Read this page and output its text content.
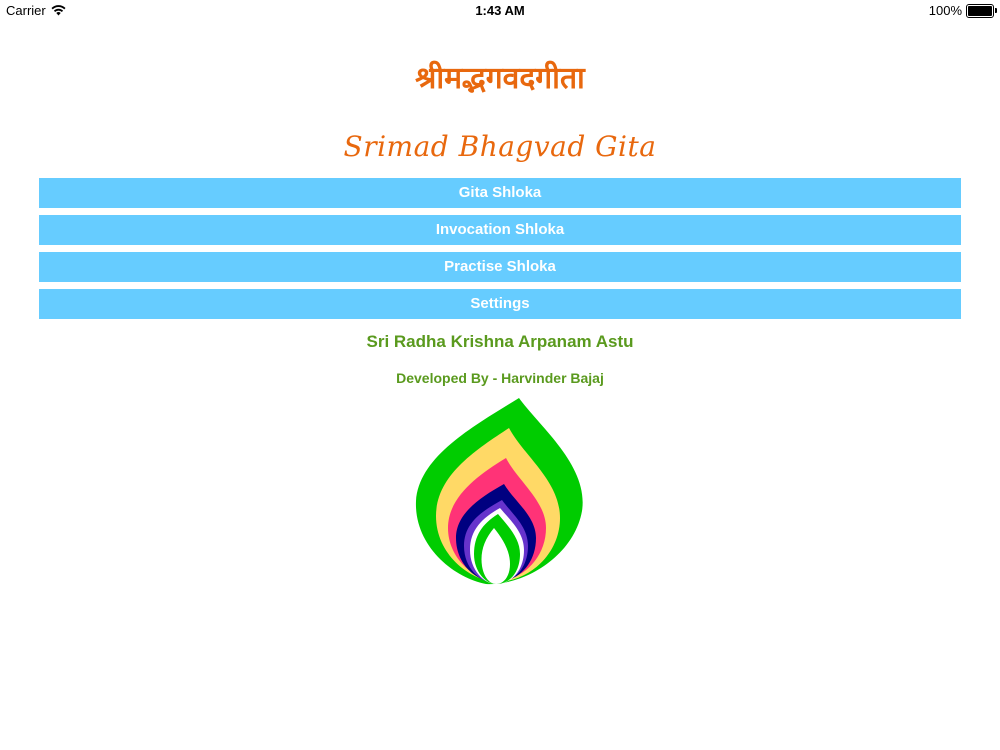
Carrier	1:43 AM	100%
श्रीमद्भगवदगीता
Srimad Bhagvad Gita
Gita Shloka
Invocation Shloka
Practise Shloka
Settings
Sri Radha Krishna Arpanam Astu
Developed By - Harvinder Bajaj
